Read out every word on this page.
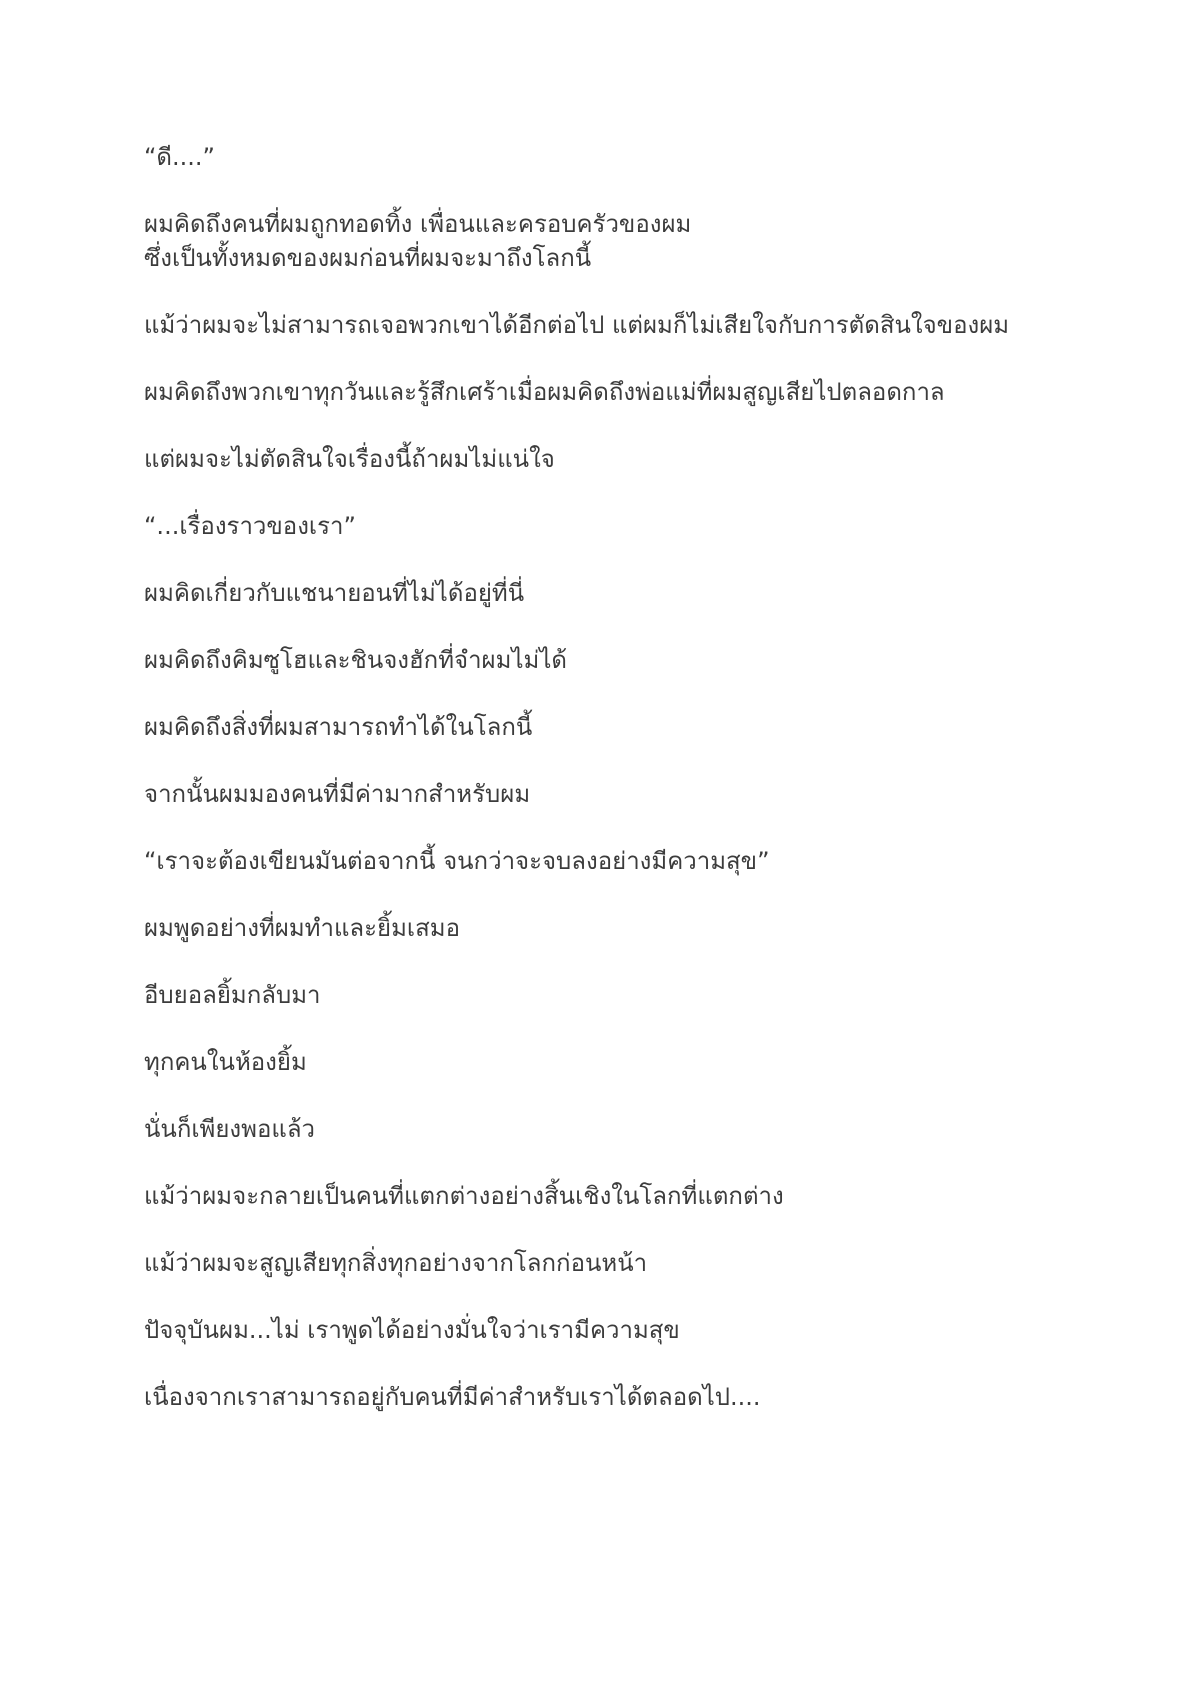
“ดี....”

ผมคิดถึงคนที่ผมถูกทอดทิ้ง เพื่อนและครอบครัวของผม
ซึ่งเป็นทั้งหมดของผมก่อนที่ผมจะมาถึงโลกนี้

แม้ว่าผมจะไม่สามารถเจอพวกเขาได้อีกต่อไป แต่ผมก็ไม่เสียใจกับการตัดสินใจของผม

ผมคิดถึงพวกเขาทุกวันและรู้สึกเศร้าเมื่อผมคิดถึงพ่อแม่ที่ผมสูญเสียไปตลอดกาล

แต่ผมจะไม่ตัดสินใจเรื่องนี้ถ้าผมไม่แน่ใจ

“...เรื่องราวของเรา”

ผมคิดเกี่ยวกับแชนายอนที่ไม่ได้อยู่ที่นี่

ผมคิดถึงคิมซูโฮและชินจงฮักที่จำผมไม่ได้

ผมคิดถึงสิ่งที่ผมสามารถทำได้ในโลกนี้

จากนั้นผมมองคนที่มีค่ามากสำหรับผม

“เราจะต้องเขียนมันต่อจากนี้ จนกว่าจะจบลงอย่างมีความสุข”

ผมพูดอย่างที่ผมทำและยิ้มเสมอ

อีบยอลยิ้มกลับมา

ทุกคนในห้องยิ้ม

นั่นก็เพียงพอแล้ว

แม้ว่าผมจะกลายเป็นคนที่แตกต่างอย่างสิ้นเชิงในโลกที่แตกต่าง

แม้ว่าผมจะสูญเสียทุกสิ่งทุกอย่างจากโลกก่อนหน้า

ปัจจุบันผม...ไม่ เราพูดได้อย่างมั่นใจว่าเรามีความสุข

เนื่องจากเราสามารถอยู่กับคนที่มีค่าสำหรับเราได้ตลอดไป....
